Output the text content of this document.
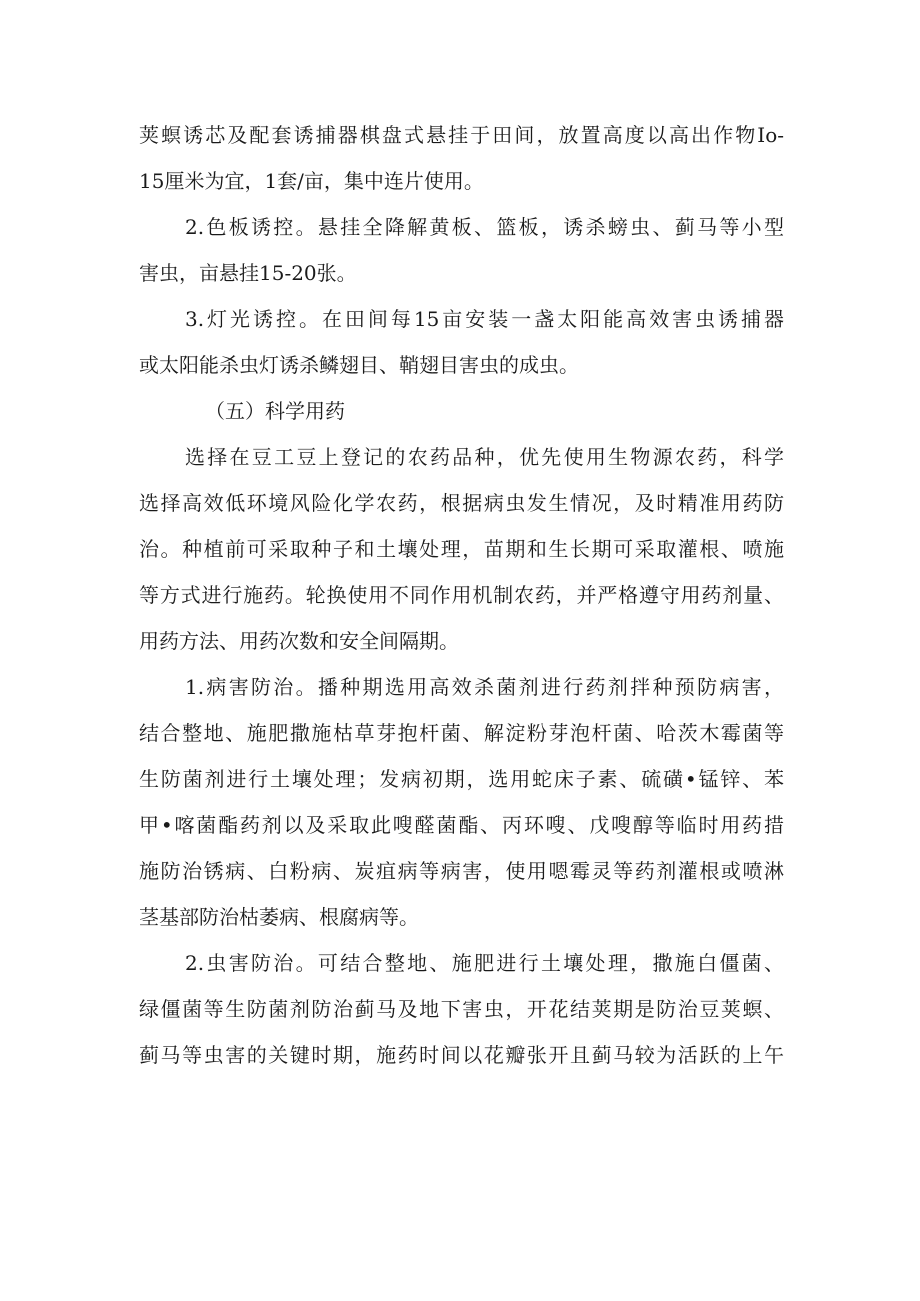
荚螟诱芯及配套诱捕器棋盘式悬挂于田间，放置高度以高出作物Io-
15厘米为宜，1套/亩，集中连片使用。
2.色板诱控。悬挂全降解黄板、篮板，诱杀螃虫、蓟马等小型
害虫，亩悬挂15-20张。
3.灯光诱控。在田间每15亩安装一盏太阳能高效害虫诱捕器
或太阳能杀虫灯诱杀鳞翅目、鞘翅目害虫的成虫。
（五）科学用药
选择在豆工豆上登记的农药品种，优先使用生物源农药，科学
选择高效低环境风险化学农药，根据病虫发生情况，及时精准用药防
治。种植前可采取种子和土壤处理，苗期和生长期可采取灌根、喷施
等方式进行施药。轮换使用不同作用机制农药，并严格遵守用药剂量、
用药方法、用药次数和安全间隔期。
1.病害防治。播种期选用高效杀菌剂进行药剂拌种预防病害，
结合整地、施肥撒施枯草芽抱杆菌、解淀粉芽泡杆菌、哈茨木霉菌等
生防菌剂进行土壤处理；发病初期，选用蛇床子素、硫磺•锰锌、苯
甲•喀菌酯药剂以及采取此嗖醛菌酯、丙环嗖、戊嗖醇等临时用药措
施防治锈病、白粉病、炭疽病等病害，使用嗯霉灵等药剂灌根或喷淋
茎基部防治枯萎病、根腐病等。
2.虫害防治。可结合整地、施肥进行土壤处理，撒施白僵菌、
绿僵菌等生防菌剂防治蓟马及地下害虫，开花结荚期是防治豆荚螟、
蓟马等虫害的关键时期，施药时间以花瓣张开且蓟马较为活跃的上午
